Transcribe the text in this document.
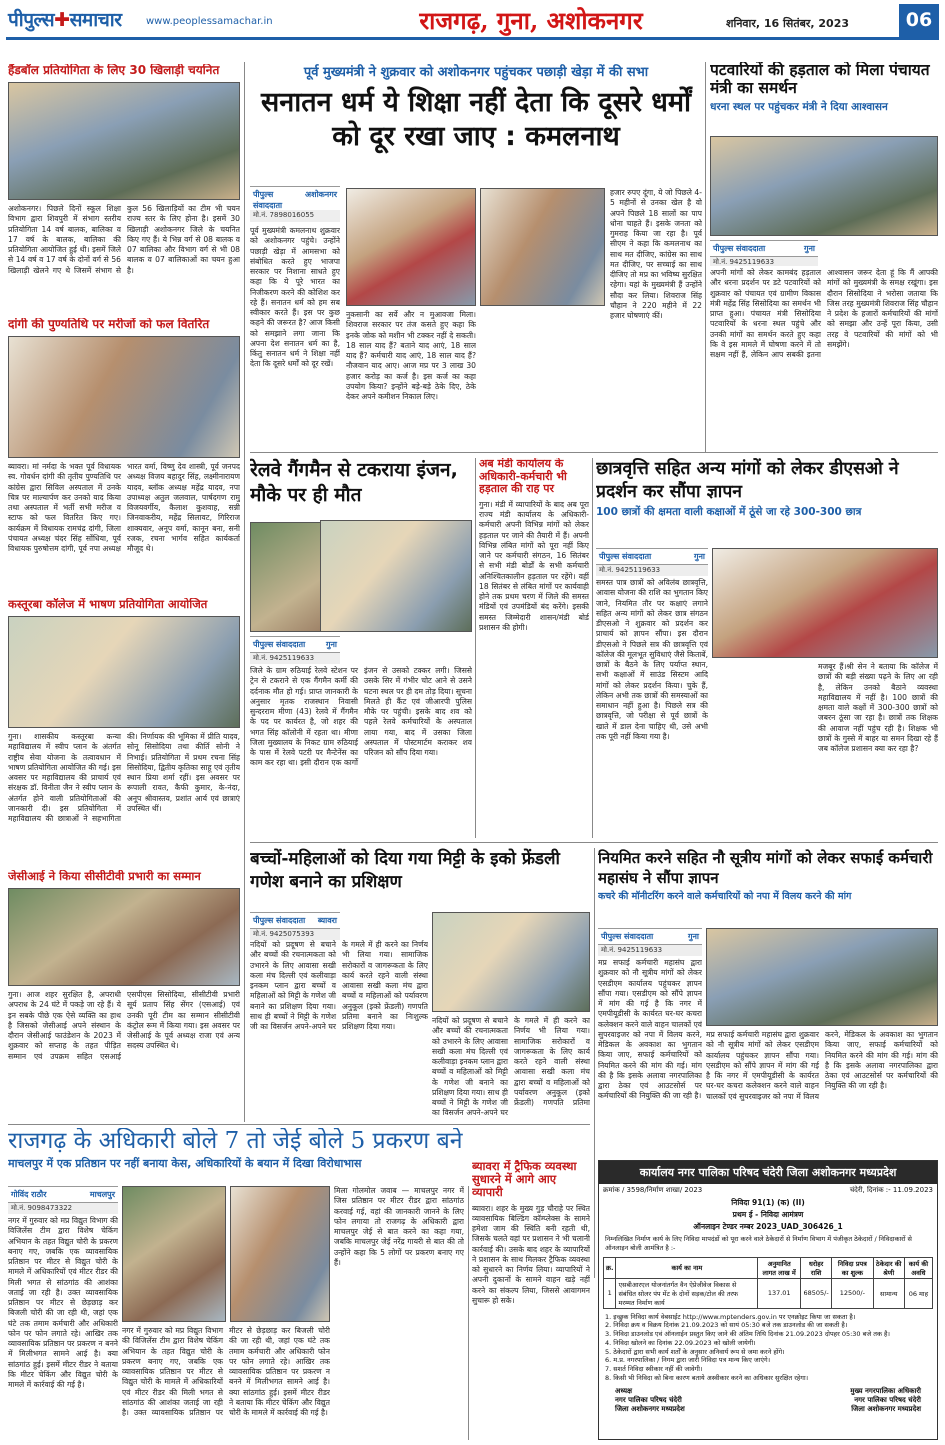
पीपुल्स✚समाचार www.peoplessamachar.in	राजगढ़, गुना, अशोकनगर	शनिवार, 16 सितंबर, 2023	06
हैंडबॉल प्रतियोगिता के लिए 30 खिलाड़ी चयनित
अशोकनगर। पिछले दिनों स्कूल शिक्षा विभाग द्वारा शिवपुरी में संभाग स्तरीय प्रतियोगिता 14 वर्ष बालक, बालिका व 17 वर्ष के बालक, बालिका की प्रतियोगिता आयोजित हुई थी। इसमें जिले से 14 वर्ष व 17 वर्ष के दोनों वर्ग से 56 खिलाड़ी खेलने गए थे जिसमें संभाग से कुल 56 खिलाड़ियों का टीम भी चयन राज्य स्तर के लिए होना है। इसमें 30 खिलाड़ी अशोकनगर जिले के चयनित किए गए हैं। ये भिन्न वर्ग से 08 बालक व 07 बालिका और विभाग वर्ग से भी 08 बालक व 07 बालिकाओं का चयन हुआ है।
दांगी की पुण्यतिथि पर मरीजों को फल वितरित
ब्यावरा। मां नर्मदा के भक्त पूर्व विधायक स्व. गोवर्धन दांगी की तृतीय पुण्यतिथि पर कांग्रेस द्वारा सिविल अस्पताल में उनके चित्र पर माल्यार्पण कर उनको याद किया तथा अस्पताल में भर्ती सभी मरीज व स्टाफ को फल वितरित किए गए। कार्यक्रम में विधायक रामचंद्र दांगी, जिला पंचायत अध्यक्ष चंदर सिंह सोंधिया, पूर्व विधायक पुरुषोत्तम दांगी, पूर्व नपा अध्यक्ष भारत वर्मा, विष्णु देव शास्त्री, पूर्व जनपद अध्यक्ष विजय बहादुर सिंह, लक्ष्मीनारायण यादव, ब्लॉक अध्यक्ष महेंद्र यादव, नपा उपाध्यक्ष अतुल जलवाल, पार्षदगण रामु विजयवर्गीय, कैलाश कुशवाह, सन्नी जिनवाकरीय, महेंद्र सिलावट, गिरिराज शाक्यवार, अनूप वर्मा, कानून बना, सनी रजक, रचना भार्गव सहित कार्यकर्ता मौजूद थे।
कस्तूरबा कॉलेज में भाषण प्रतियोगिता आयोजित
गुना। शासकीय कस्तूरबा कन्या महाविद्यालय में स्वीप प्लान के अंतर्गत राष्ट्रीय सेवा योजना के तत्वावधान में भाषण प्रतियोगिता आयोजित की गई। इस अवसर पर महाविद्यालय की प्राचार्य एवं संरक्षक डॉ. विनीता जैन ने स्वीप प्लान के अंतर्गत होने वाली प्रतियोगिताओं की जानकारी दी। इस प्रतियोगिता में महाविद्यालय की छात्राओं ने सहभागिता की। निर्णायक की भूमिका में प्रीति यादव, सोनू सिसोदिया तथा कीर्ति सोनी ने निभाई। प्रतियोगिता में प्रथम रचना सिंह सिसोदिया, द्वितीय कृतिका साहू एवं तृतीय स्थान प्रिया शर्मा रहीं। इस अवसर पर रूपाली रावत, कैफी कुमार, के-नंदा, अनूप श्रीवास्तव, प्रशांत आर्य एवं छात्राएं उपस्थित थीं।
जेसीआई ने किया सीसीटीवी प्रभारी का सम्मान
गुना। आज शहर सुरक्षित है, अपराधी अपराध के 24 घंटे में पकड़े जा रहे हैं। ये इन सबके पीछे एक ऐसे व्यक्ति का हाथ है जिसको जेसीआई अपने संस्थान के दौरान जेसीआई फाउंडेशन के 2023 में शुक्रवार को सप्ताह के तहत पीड़ित सम्मान एवं उपक्रम सहित एसआई एसपीएस सिसोदिया, सीसीटीवी प्रभारी सूर्य प्रताप सिंह सेंगर (एसआई) एवं उनकी पूरी टीम का सम्मान सीसीटीवी कंट्रोल रूम में किया गया। इस अवसर पर जेसीआई के पूर्व अध्यक्ष राजा एवं अन्य सदस्य उपस्थित थे।
पूर्व मुख्यमंत्री ने शुक्रवार को अशोकनगर पहुंचकर पछाड़ी खेड़ा में की सभा
सनातन धर्म ये शिक्षा नहीं देता कि दूसरे धर्मों को दूर रखा जाए : कमलनाथ
पीपुल्स संवाददाता
अशोकनगर
मो.नं. 7898016055
पूर्व मुख्यमंत्री कमलनाथ शुक्रवार को अशोकनगर पहुंचे। उन्होंने पछाड़ी खेड़ा में आमसभा को संबोधित करते हुए भाजपा सरकार पर निशाना साधते हुए कहा कि ये पूरे भारत का निजीकरण करने की कोशिश कर रहे हैं। सनातन धर्म को हम सब स्वीकार करते हैं। इस पर कुछ कहने की जरूरत है? आज किसी को समझाने लगा जाना कि अपना देश सनातन धर्म का है, किंतु सनातन धर्म ने शिक्षा नहीं देता कि दूसरे धर्मों को दूर रखें।
नुकसानी का सर्वे और न मुआवजा मिला। शिवराज सरकार पर तंज कसते हुए कहा कि इनके जोक को मशीन भी टक्कर नहीं दे सकती। 18 साल याद हैं? बताने याद आएं, 18 साल याद हैं? कर्मचारी याद आएं, 18 साल याद हैं? नौजवान याद आए। आज मप्र पर 3 लाख 30 हजार करोड़ का कर्ज है। इस कर्ज का कहा उपयोग किया? इन्होंने बड़े-बड़े ठेके दिए, ठेके देकर अपने कमीशन निकाल लिए।
हजार रुपए दूंगा, ये जो पिछले 4-5 महीनों से उनका खेल है वो अपने पिछले 18 सालों का पाप धोना चाहते हैं। इसके जनता को गुमराह किया जा रहा है। पूर्व सीएम ने कहा कि कमलनाथ का साथ मत दीजिए, कांग्रेस का साथ मत दीजिए, पर सच्चाई का साथ दीजिए तो मप्र का भविष्य सुरक्षित रहेगा। यहां के मुख्यमंत्री हैं उन्होंने सौदा कर लिया। शिवराज सिंह चौहान ने 220 महीने में 22 हजार घोषणाएं कीं।
पटवारियों की हड़ताल को मिला पंचायत मंत्री का समर्थन
धरना स्थल पर पहुंचकर मंत्री ने दिया आश्वासन
पीपुल्स संवाददाता	गुना
मो.नं. 9425119633
अपनी मांगों को लेकर कामबंद हड़ताल और धरना प्रदर्शन पर डटे पटवारियों को शुक्रवार को पंचायत एवं ग्रामीण विकास मंत्री महेंद्र सिंह सिसोदिया का समर्थन भी प्राप्त हुआ। पंचायत मंत्री सिसोदिया पटवारियों के धरना स्थल पहुंचे और उनकी मांगों का समर्थन करते हुए कहा कि वे इस मामले में घोषणा करने में तो सक्षम नहीं हैं, लेकिन आप सबकी इतना आश्वासन जरूर देता हूं कि मैं आपकी मांगों को मुख्यमंत्री के समक्ष रखूंगा। इस दौरान सिसोदिया ने भरोसा जताया कि जिस तरह मुख्यमंत्री शिवराज सिंह चौहान ने प्रदेश के हजारों कर्मचारियों की मांगों को समझा और उन्हें पूरा किया, उसी तरह वे पटवारियों की मांगों को भी समझेंगे।
रेलवे गैंगमैन से टकराया इंजन, मौके पर ही मौत
पीपुल्स संवाददाता	गुना
मो.नं. 9425119633
जिले के ग्राम रुठियाई रेलवे स्टेशन पर ट्रेन से टकराने से एक गैंगमैन कर्मी की दर्दनाक मौत हो गई। प्राप्त जानकारी के अनुसार मृतक राजस्थान निवासी सुन्दरराम मीणा (43) रेलवे में गैंगमैन के पद पर कार्यरत है, जो शहर की भगत सिंह कॉलोनी में रहता था। मीणा जिला मुख्यालय के निकट ग्राम रुठियाई के पास में रेलवे पटरी पर मैन्टेनेंस का काम कर रहा था। इसी दौरान एक कार्गो इंजन से उसको टक्कर लगी। जिससे उसके सिर में गंभीर चोट आने से उसने घटना स्थल पर ही दम तोड़ दिया। सूचना मिलते ही कैंट एवं जीआरपी पुलिस मौके पर पहुंची। इसके बाद शव को पहले रेलवे कर्मचारियों के अस्पताल लाया गया, बाद में उसका जिला अस्पताल में पोस्टमार्टम कराकर शव परिजन को सौंप दिया गया।
अब मंडी कार्यालय के अधिकारी-कर्मचारी भी हड़ताल की राह पर
गुना। मंडी में व्यापारियों के बाद अब पूरा राज्य मंडी कार्यालय के अधिकारी-कर्मचारी अपनी विभिन्न मांगों को लेकर हड़ताल पर जाने की तैयारी में हैं। अपनी विभिन्न लंबित मांगों को पूरा नहीं किए जाने पर कर्मचारी संगठन, 16 सितंबर से सभी मंडी बोर्डों के सभी कर्मचारी अनिश्चितकालीन हड़ताल पर रहेंगे। वहीं 18 सितंबर से लंबित मांगों पर कार्यवाही होने तक प्रथम चरण में जिले की समस्त मंडियों एवं उपमंडियों बंद करेंगे। इसकी समस्त जिम्मेदारी शासन/मंडी बोर्ड प्रशासन की होगी।
छात्रवृत्ति सहित अन्य मांगों को लेकर डीएसओ ने प्रदर्शन कर सौंपा ज्ञापन
100 छात्रों की क्षमता वाली कक्षाओं में ठूंसे जा रहे 300-300 छात्र
पीपुल्स संवाददाता	गुना
मो.नं. 9425119633
समस्त पात्र छात्रों को अविलंब छात्रवृत्ति, आवास योजना की राशि का भुगतान किए जाने, नियमित तौर पर कक्षाएं लगाने सहित अन्य मांगों को लेकर छात्र संगठन डीएसओ ने शुक्रवार को प्रदर्शन कर प्राचार्य को ज्ञापन सौंपा। इस दौरान डीएसओ ने पिछले सत्र की छात्रवृत्ति एवं कॉलेज की मूलभूत सुविधाएं जैसे किताबें, छात्रों के बैठने के लिए पर्याप्त स्थान, सभी कक्षाओं में साउंड सिस्टम आदि मांगों को लेकर प्रदर्शन किया। चुके हैं, लेकिन अभी तक छात्रों की समस्याओं का समाधान नहीं हुआ है। पिछले सत्र की छात्रवृत्ति, जो परीक्षा से पूर्व छात्रों के खाते में डाल देना चाहिए थी, उसे अभी तक पूरी नहीं किया गया है।
मजबूर हैं।श्री सेन ने बताया कि कॉलेज में छात्रों की बड़ी संख्या पढ़ने के लिए आ रही है, लेकिन उनको बैठाने व्यवस्था महाविद्यालय में नहीं है। 100 छात्रों की क्षमता वाले कक्षों में 300-300 छात्रों को जबरन ठूंसा जा रहा है। छात्रों तक शिक्षक की आवाज नहीं पहुंच रही है। शिक्षक भी छात्रों के गुस्से में बाहर या समन दिखा रहे हैं जब कॉलेज प्रशासन क्या कर रहा है?
बच्चों-महिलाओं को दिया गया मिट्टी के इको फ्रेंडली गणेश बनाने का प्रशिक्षण
पीपुल्स संवाददाता ब्यावरा
मो.नं. 9425075393
नदियों को प्रदूषण से बचाने और बच्चों की रचनात्मकता को उभारने के लिए आवासा सखी कला मंच दिल्ली एवं कलीवाड़ा इनकम प्लान द्वारा बच्चों व महिलाओं को मिट्टी के गणेश जी बनाने का प्रशिक्षण दिया गया। साथ ही बच्चों ने मिट्टी के गणेश जी का विसर्जन अपने-अपने घर के गमले में ही करने का निर्णय भी लिया गया। सामाजिक सरोकारों व जागरूकता के लिए कार्य करते रहने वाली संस्था आवासा सखी कला मंच द्वारा बच्चों व महिलाओं को पर्यावरण अनुकूल (इको फ्रेंडली) गणपति प्रतिमा बनाने का निःशुल्क प्रशिक्षण दिया गया।
नदियों को प्रदूषण से बचाने और बच्चों की रचनात्मकता को उभारने के लिए आवासा सखी कला मंच दिल्ली एवं कलीवाड़ा इनकम प्लान द्वारा बच्चों व महिलाओं को मिट्टी के गणेश जी बनाने का प्रशिक्षण दिया गया। साथ ही बच्चों ने मिट्टी के गणेश जी का विसर्जन अपने-अपने घर के गमले में ही करने का निर्णय भी लिया गया। सामाजिक सरोकारों व जागरूकता के लिए कार्य करते रहने वाली संस्था आवासा सखी कला मंच द्वारा बच्चों व महिलाओं को पर्यावरण अनुकूल (इको फ्रेंडली) गणपति प्रतिमा
नियमित करने सहित नौ सूत्रीय मांगों को लेकर सफाई कर्मचारी महासंघ ने सौंपा ज्ञापन
कचरे की मॉनीटरिंग करने वाले कर्मचारियों को नपा में विलय करने की मांग
पीपुल्स संवाददाता	गुना
मो.नं. 9425119633
मप्र सफाई कर्मचारी महासंघ द्वारा शुक्रवार को नौ सूत्रीय मांगों को लेकर एसडीएम कार्यालय पहुंचकर ज्ञापन सौंपा गया। एसडीएम को सौंपे ज्ञापन में मांग की गई है कि नगर में एमपीयूडीसी के कार्यरत घर-घर कचरा कलेक्शन करने वाले वाहन चालकों एवं सुपरवाइजर को नपा में विलय करने, मेडिकल के अवकाश का भुगतान किया जाए, सफाई कर्मचारियों को नियमित करने की मांग की गई। मांग की है कि इसके अलावा नगरपालिका द्वारा ठेका एवं आउटसोर्स पर कर्मचारियों की नियुक्ति की जा रही है।
मप्र सफाई कर्मचारी महासंघ द्वारा शुक्रवार को नौ सूत्रीय मांगों को लेकर एसडीएम कार्यालय पहुंचकर ज्ञापन सौंपा गया। एसडीएम को सौंपे ज्ञापन में मांग की गई है कि नगर में एमपीयूडीसी के कार्यरत घर-घर कचरा कलेक्शन करने वाले वाहन चालकों एवं सुपरवाइजर को नपा में विलय करने, मेडिकल के अवकाश का भुगतान किया जाए, सफाई कर्मचारियों को नियमित करने की मांग की गई। मांग की है कि इसके अलावा नगरपालिका द्वारा ठेका एवं आउटसोर्स पर कर्मचारियों की नियुक्ति की जा रही है।
राजगढ़ के अधिकारी बोले 7 तो जेई बोले 5 प्रकरण बने
माचलपुर में एक प्रतिष्ठान पर नहीं बनाया केस, अधिकारियों के बयान में दिखा विरोधाभास
गोविंद राठौर	माचलपुर
मो.नं. 9098473322
नगर में गुरुवार को मप्र विद्युत विभाग की विजिलेंस टीम द्वारा विशेष चेकिंग अभियान के तहत विद्युत चोरी के प्रकरण बनाए गए, जबकि एक व्यावसायिक प्रतिष्ठान पर मीटर से विद्युत चोरी के मामले में अधिकारियों एवं मीटर रीडर की मिली भगत से सांठगांठ की आशंका जताई जा रही है। उक्त व्यावसायिक प्रतिष्ठान पर मीटर से छेड़छाड़ कर बिजली चोरी की जा रही थी, जहां एक घंटे तक तमाम कर्मचारी और अधिकारी फोन पर फोन लगाते रहे। आखिर तक व्यावसायिक प्रतिष्ठान पर प्रकरण न बनने में मिलीभगत सामने आई है। क्या सांठगांठ हुई। इसमें मीटर रीडर ने बताया कि मीटर चेकिंग और विद्युत चोरी के मामले में कार्रवाई की गई है।
नगर में गुरुवार को मप्र विद्युत विभाग की विजिलेंस टीम द्वारा विशेष चेकिंग अभियान के तहत विद्युत चोरी के प्रकरण बनाए गए, जबकि एक व्यावसायिक प्रतिष्ठान पर मीटर से विद्युत चोरी के मामले में अधिकारियों एवं मीटर रीडर की मिली भगत से सांठगांठ की आशंका जताई जा रही है। उक्त व्यावसायिक प्रतिष्ठान पर मीटर से छेड़छाड़ कर बिजली चोरी की जा रही थी, जहां एक घंटे तक तमाम कर्मचारी और अधिकारी फोन पर फोन लगाते रहे। आखिर तक व्यावसायिक प्रतिष्ठान पर प्रकरण न बनने में मिलीभगत सामने आई है। क्या सांठगांठ हुई। इसमें मीटर रीडर ने बताया कि मीटर चेकिंग और विद्युत चोरी के मामले में कार्रवाई की गई है।
मिला गोलमोल जवाब — माचलपुर नगर में जिस प्रतिष्ठान पर मीटर रीडर द्वारा सांठगांठ करवाई गई, वहां की जानकारी जानने के लिए फोन लगाया तो राजगढ़ के अधिकारी द्वारा माचलपुर जेई से बात करने का कहा गया, जबकि माचलपुर जेई नरेंद्र गायरी से बात की तो उन्होंने कहा कि 5 लोगों पर प्रकरण बनाए गए हैं।
ब्यावरा में ट्रैफिक व्यवस्था सुधारने में आगे आए व्यापारी
ब्यावरा। शहर के मुख्य गुड़ चौराहे पर स्थित व्यावसायिक बिल्डिंग कॉम्प्लेक्स के सामने हमेशा जाम की स्थिति बनी रहती थी, जिसके चलते वहां पर प्रशासन ने भी चलानी कार्रवाई की। उसके बाद शहर के व्यापारियों ने प्रशासन के साथ मिलकर ट्रैफिक व्यवस्था को सुधारने का निर्णय लिया। व्यापारियों ने अपनी दुकानों के सामने वाहन खड़े नहीं करने का संकल्प लिया, जिससे आवागमन सुचारू हो सके।
कार्यालय नगर पालिका परिषद चंदेरी जिला अशोकनगर मध्यप्रदेश
क्रमांक / 3598/निर्माण शाखा/ 2023	चंदेरी, दिनांक :- 11.09.2023
निविदा 91(1) (क) (II)
प्रथम ई - निविदा आमंत्रण
ऑनलाइन टेण्डर नम्बर 2023_UAD_306426_1
निम्नलिखित निर्माण कार्य के लिए निविदा मापदंडों को पूरा करने वाले ठेकेदारों से निर्माण विभाग में पंजीकृत ठेकेदारों / निविदाकारों से ऑनलाइन बोली आमंत्रित है :-
क्र.	कार्य का नाम	अनुमानित लागत लाख में	धरोहर राशि	निविदा प्रपत्र का शुल्क	ठेकेदार की श्रेणी	कार्य की अवधि
1	एसबीआरएल योजनांतर्गत वैन ऐप्रेजीवेज विकास से संबंधित सोलर पंप मेंट के दोनों सड़क/टोल की तरफ मरम्मत निर्माण कार्य	137.01	68505/-	12500/-	सामान्य	06 माह
1. इच्छुक निविदा कार्य वेबसाईट http://www.mptenders.gov.in पर एनक्रोइट किया जा सकता है।
2. निविदा क्रय व विक्रय दिनांक 21.09.2023 को सायं 05:30 बजे तक डाउनलोड की जा सकती है।
3. निविदा डाउनलोड एवं ऑनलाईन प्रस्तुत किए जाने की अंतिम तिथि दिनांक 21.09.2023 दोपहर 05:30 बजे तक है।
4. निविदा खोलने का दिनांक 22.09.2023 को खोली जायेगी।
5. ठेकेदारों द्वारा सभी कार्य शर्तों के अनुसार अनिवार्य रूप से जमा करने होंगे।
6. म.प्र. नगरपालिका / निगम द्वारा जारी निविदा पत्र मान्य किए जाएंगे।
7. सशर्त निविदा स्वीकार नहीं की जावेगी।
8. किसी भी निविदा को बिना कारण बताये अस्वीकार करने का अधिकार सुरक्षित रहेगा।
अध्यक्ष
नगर पालिका परिषद चंदेरी
जिला अशोकनगर मध्यप्रदेश
मुख्य नगरपालिका अधिकारी
नगर पालिका परिषद चंदेरी
जिला अशोकनगर मध्यप्रदेश
